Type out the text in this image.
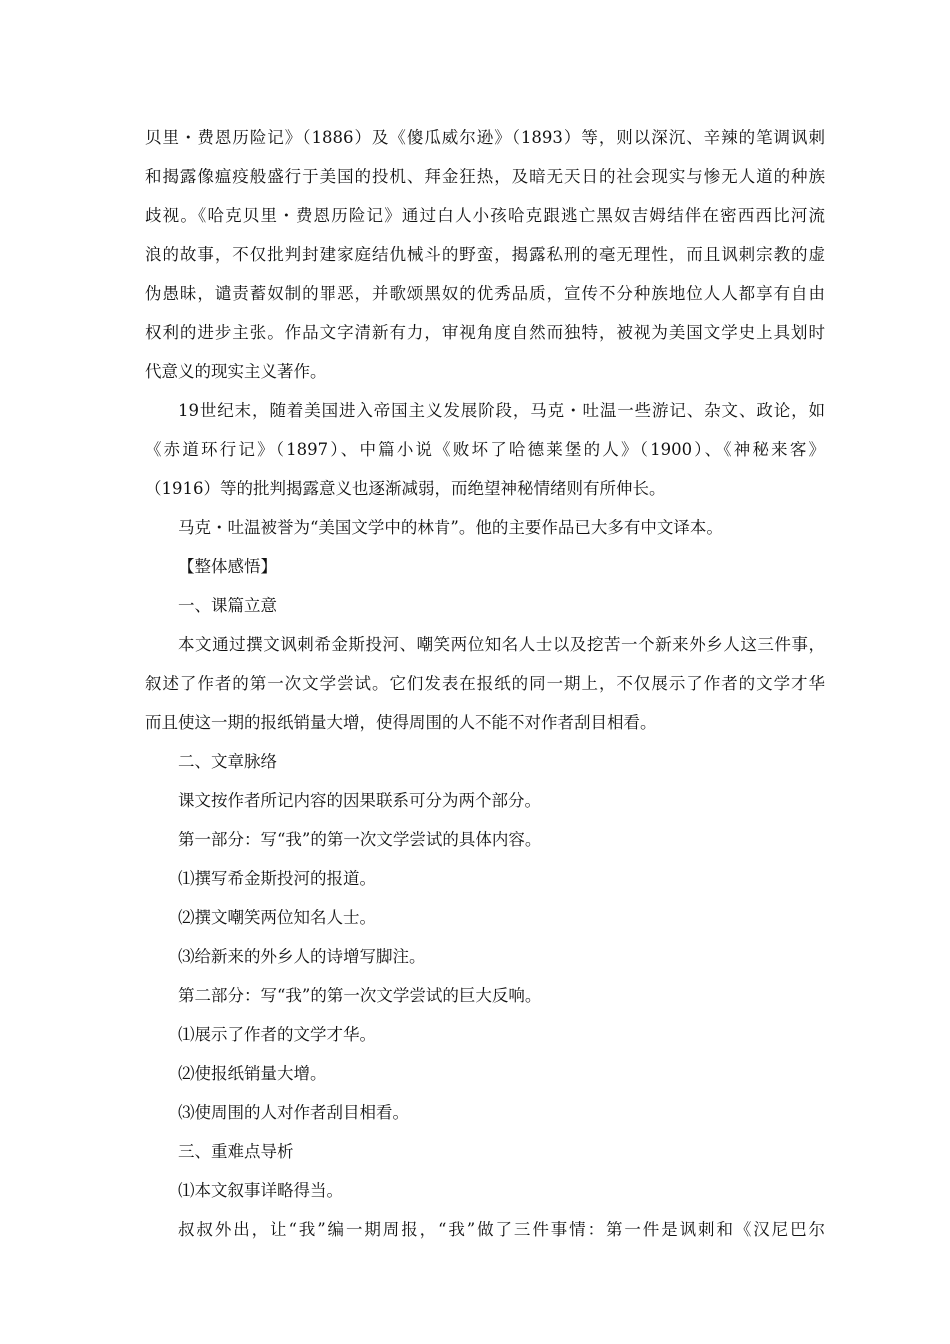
贝里・费恩历险记》（1886）及《傻瓜威尔逊》（1893）等，则以深沉、辛辣的笔调讽刺
和揭露像瘟疫般盛行于美国的投机、拜金狂热，及暗无天日的社会现实与惨无人道的种族
歧视。《哈克贝里・费恩历险记》通过白人小孩哈克跟逃亡黑奴吉姆结伴在密西西比河流
浪的故事，不仅批判封建家庭结仇械斗的野蛮，揭露私刑的毫无理性，而且讽刺宗教的虚
伪愚昧，谴责蓄奴制的罪恶，并歌颂黑奴的优秀品质，宣传不分种族地位人人都享有自由
权利的进步主张。作品文字清新有力，审视角度自然而独特，被视为美国文学史上具划时
代意义的现实主义著作。
19世纪末，随着美国进入帝国主义发展阶段，马克・吐温一些游记、杂文、政论，如
《赤道环行记》（1897）、中篇小说《败坏了哈德莱堡的人》（1900）、《神秘来客》
（1916）等的批判揭露意义也逐渐减弱，而绝望神秘情绪则有所伸长。
马克・吐温被誉为“美国文学中的林肯”。他的主要作品已大多有中文译本。
【整体感悟】
一、课篇立意
本文通过撰文讽刺希金斯投河、嘲笑两位知名人士以及挖苦一个新来外乡人这三件事，
叙述了作者的第一次文学尝试。它们发表在报纸的同一期上，不仅展示了作者的文学才华
而且使这一期的报纸销量大增，使得周围的人不能不对作者刮目相看。
二、文章脉络
课文按作者所记内容的因果联系可分为两个部分。
第一部分：写“我”的第一次文学尝试的具体内容。
⑴撰写希金斯投河的报道。
⑵撰文嘲笑两位知名人士。
⑶给新来的外乡人的诗增写脚注。
第二部分：写“我”的第一次文学尝试的巨大反响。
⑴展示了作者的文学才华。
⑵使报纸销量大增。
⑶使周围的人对作者刮目相看。
三、重难点导析
⑴本文叙事详略得当。
叔叔外出，让“我”编一期周报，“我”做了三件事情：第一件是讽刺和《汉尼巴尔
